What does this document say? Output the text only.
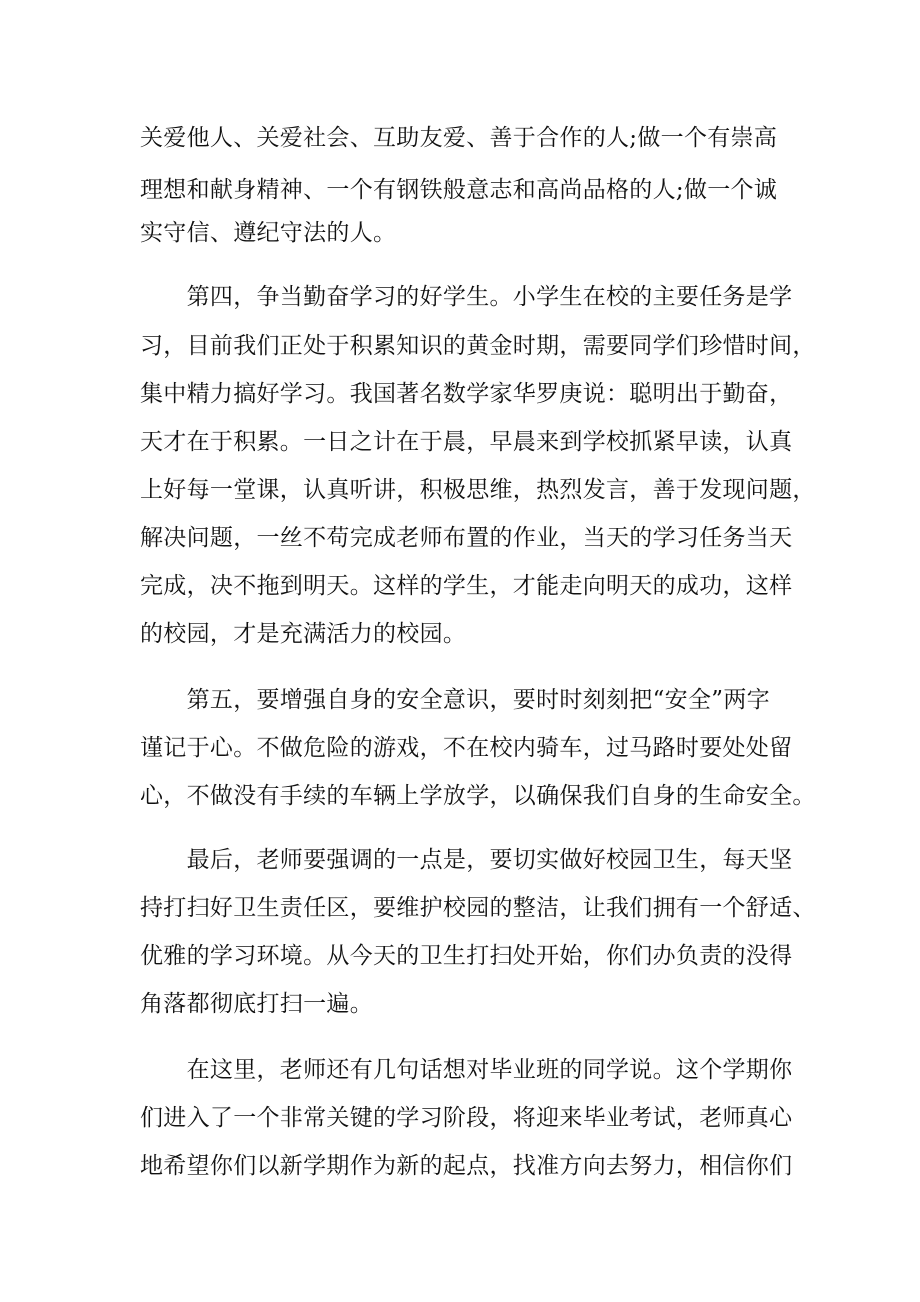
关爱他人、关爱社会、互助友爱、善于合作的人;做一个有崇高
理想和献身精神、一个有钢铁般意志和高尚品格的人;做一个诚
实守信、遵纪守法的人。
　　第四，争当勤奋学习的好学生。小学生在校的主要任务是学
习，目前我们正处于积累知识的黄金时期，需要同学们珍惜时间，
集中精力搞好学习。我国著名数学家华罗庚说：聪明出于勤奋，
天才在于积累。一日之计在于晨，早晨来到学校抓紧早读，认真
上好每一堂课，认真听讲，积极思维，热烈发言，善于发现问题，
解决问题，一丝不苟完成老师布置的作业，当天的学习任务当天
完成，决不拖到明天。这样的学生，才能走向明天的成功，这样
的校园，才是充满活力的校园。
　　第五，要增强自身的安全意识，要时时刻刻把“安全”两字
谨记于心。不做危险的游戏，不在校内骑车，过马路时要处处留
心，不做没有手续的车辆上学放学，以确保我们自身的生命安全。
　　最后，老师要强调的一点是，要切实做好校园卫生，每天坚
持打扫好卫生责任区，要维护校园的整洁，让我们拥有一个舒适、
优雅的学习环境。从今天的卫生打扫处开始，你们办负责的没得
角落都彻底打扫一遍。
　　在这里，老师还有几句话想对毕业班的同学说。这个学期你
们进入了一个非常关键的学习阶段，将迎来毕业考试，老师真心
地希望你们以新学期作为新的起点，找准方向去努力，相信你们
